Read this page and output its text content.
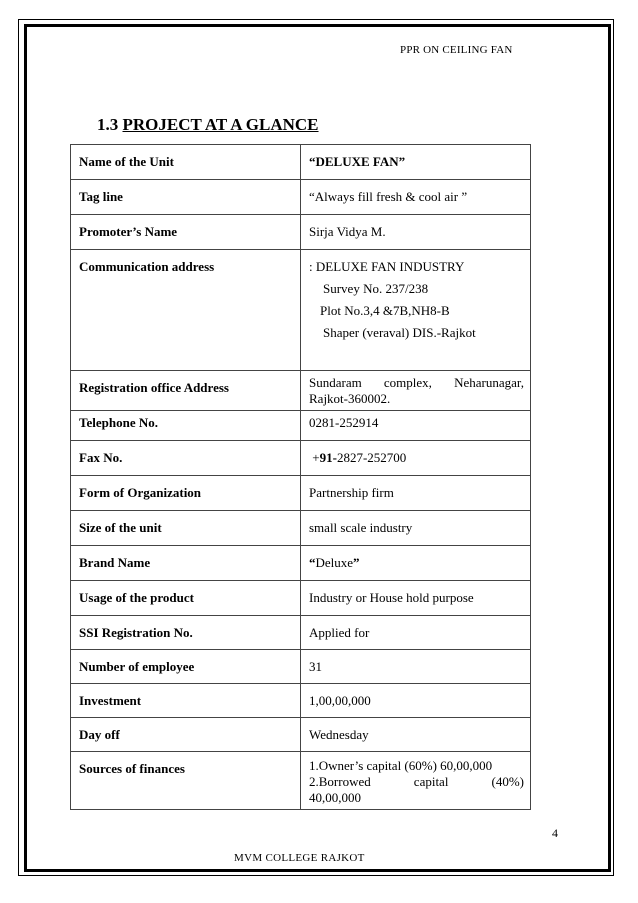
PPR ON CEILING FAN
1.3 PROJECT AT A GLANCE
Name of the Unit	“DELUXE FAN”
Tag line	“Always fill fresh & cool air ”
Promoter’s Name	Sirja Vidya M.
Communication address	: DELUXE FAN INDUSTRY
Survey No. 237/238
Plot No.3,4 &7B,NH8-B
Shaper (veraval) DIS.-Rajkot

Registration office Address	Sundaram complex, Neharunagar, Rajkot-360002.
Telephone No.	0281-252914
Fax No.	+91-2827-252700
Form of Organization	Partnership firm
Size of the unit	small scale industry
Brand Name	“Deluxe”
Usage of the product	Industry or House hold purpose
SSI Registration No.	Applied for
Number of employee	31
Investment	1,00,00,000
Day off	Wednesday
Sources of finances	1.Owner’s capital (60%) 60,00,000
2.Borrowed capital (40%)
40,00,000
4
MVM COLLEGE RAJKOT
